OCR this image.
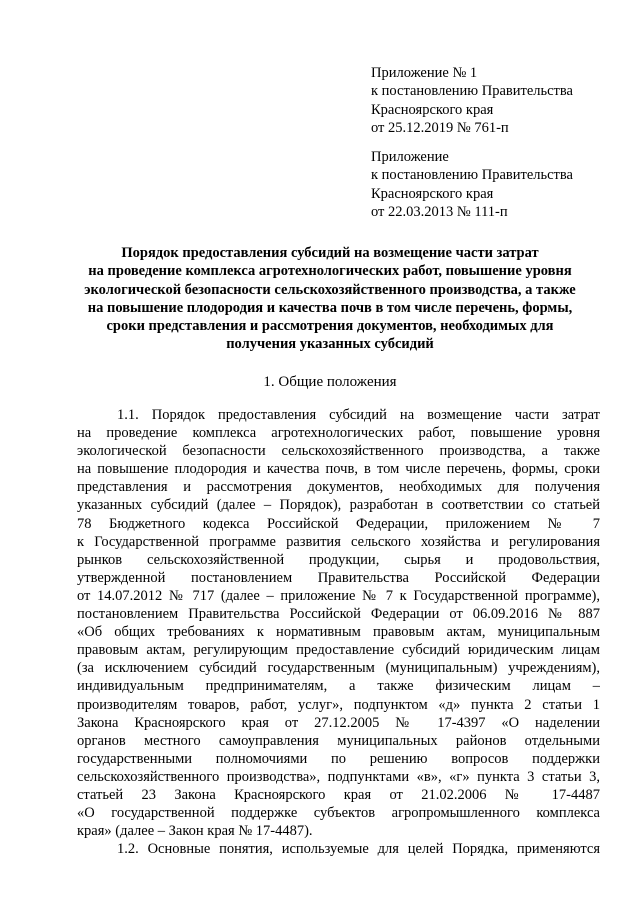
Приложение № 1
к постановлению Правительства
Красноярского края
от 25.12.2019 № 761-п
Приложение
к постановлению Правительства
Красноярского края
от 22.03.2013 № 111-п
Порядок предоставления субсидий на возмещение части затрат
на проведение комплекса агротехнологических работ, повышение уровня
экологической безопасности сельскохозяйственного производства, а также
на повышение плодородия и качества почв в том числе перечень, формы,
сроки представления и рассмотрения документов, необходимых для
получения указанных субсидий
1. Общие положения
1.1. Порядок предоставления субсидий на возмещение части затрат
на проведение комплекса агротехнологических работ, повышение уровня
экологической безопасности сельскохозяйственного производства, а также
на повышение плодородия и качества почв, в том числе перечень, формы, сроки
представления и рассмотрения документов, необходимых для получения
указанных субсидий (далее – Порядок), разработан в соответствии со статьей
78 Бюджетного кодекса Российской Федерации, приложением № 7
к Государственной программе развития сельского хозяйства и регулирования
рынков сельскохозяйственной продукции, сырья и продовольствия,
утвержденной постановлением Правительства Российской Федерации
от 14.07.2012 № 717 (далее – приложение № 7 к Государственной программе),
постановлением Правительства Российской Федерации от 06.09.2016 № 887
«Об общих требованиях к нормативным правовым актам, муниципальным
правовым актам, регулирующим предоставление субсидий юридическим лицам
(за исключением субсидий государственным (муниципальным) учреждениям),
индивидуальным предпринимателям, а также физическим лицам –
производителям товаров, работ, услуг», подпунктом «д» пункта 2 статьи 1
Закона Красноярского края от 27.12.2005 № 17-4397 «О наделении
органов местного самоуправления муниципальных районов отдельными
государственными полномочиями по решению вопросов поддержки
сельскохозяйственного производства», подпунктами «в», «г» пункта 3 статьи 3,
статьей 23 Закона Красноярского края от 21.02.2006 № 17-4487
«О государственной поддержке субъектов агропромышленного комплекса
края» (далее – Закон края № 17-4487).
1.2. Основные понятия, используемые для целей Порядка, применяются
